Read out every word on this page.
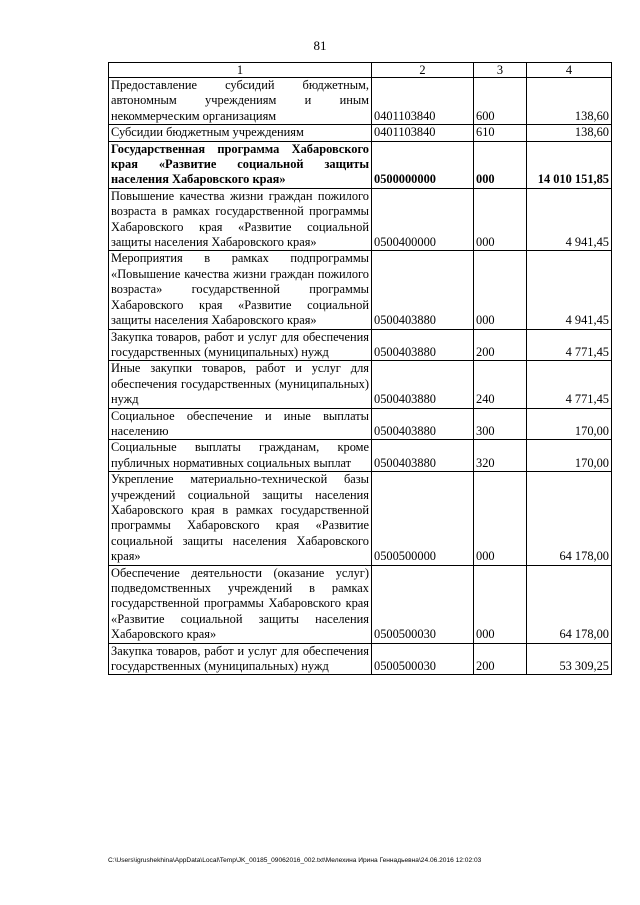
81
1	2	3	4
Предоставление субсидий бюджетным, автономным учреждениям и иным некоммерческим организациям	0401103840	600	138,60
Субсидии бюджетным учреждениям	0401103840	610	138,60
Государственная программа Хабаровского края «Развитие социальной защиты населения Хабаровского края»	0500000000	000	14 010 151,85
Повышение качества жизни граждан пожилого возраста в рамках государственной программы Хабаровского края «Развитие социальной защиты населения Хабаровского края»	0500400000	000	4 941,45
Мероприятия в рамках подпрограммы «Повышение качества жизни граждан пожилого возраста» государственной программы Хабаровского края «Развитие социальной защиты населения Хабаровского края»	0500403880	000	4 941,45
Закупка товаров, работ и услуг для обеспечения государственных (муниципальных) нужд	0500403880	200	4 771,45
Иные закупки товаров, работ и услуг для обеспечения государственных (муниципальных) нужд	0500403880	240	4 771,45
Социальное обеспечение и иные выплаты населению	0500403880	300	170,00
Социальные выплаты гражданам, кроме публичных нормативных социальных выплат	0500403880	320	170,00
Укрепление материально-технической базы учреждений социальной защиты населения Хабаровского края в рамках государственной программы Хабаровского края «Развитие социальной защиты населения Хабаровского края»	0500500000	000	64 178,00
Обеспечение деятельности (оказание услуг) подведомственных учреждений в рамках государственной программы Хабаровского края «Развитие социальной защиты населения Хабаровского края»	0500500030	000	64 178,00
Закупка товаров, работ и услуг для обеспечения государственных (муниципальных) нужд	0500500030	200	53 309,25
C:\Users\igrushekhina\AppData\Local\Temp\JK_00185_09062016_002.txt\Мелехина Ирина Геннадьевна\24.06.2016 12:02:03
